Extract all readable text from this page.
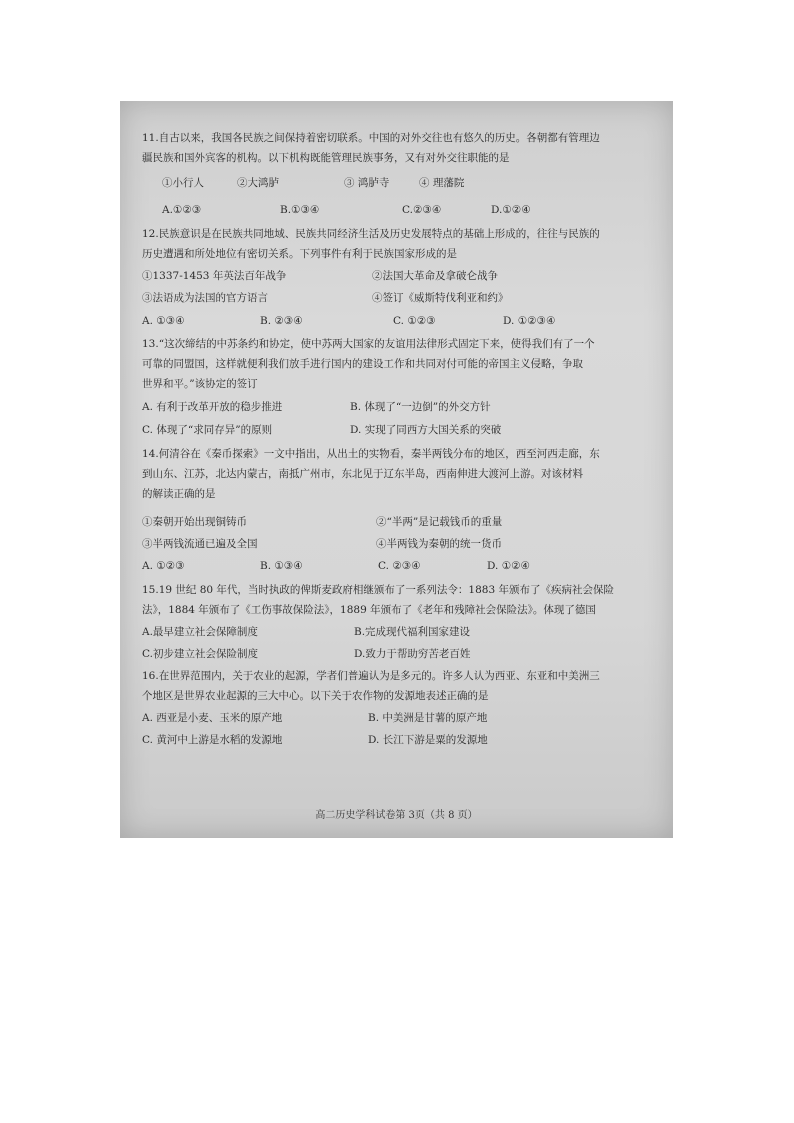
11.自古以来，我国各民族之间保持着密切联系。中国的对外交往也有悠久的历史。各朝都有管理边

疆民族和国外宾客的机构。以下机构既能管理民族事务，又有对外交往职能的是

①小行人	②大鸿胪	③ 鸿胪寺	④ 理藩院
A.①②③	B.①③④	C.②③④	D.①②④

12.民族意识是在民族共同地域、民族共同经济生活及历史发展特点的基础上形成的，往往与民族的

历史遭遇和所处地位有密切关系。下列事件有利于民族国家形成的是

①1337-1453 年英法百年战争	②法国大革命及拿破仑战争
③法语成为法国的官方语言	④签订《威斯特伐利亚和约》
A. ①③④	B. ②③④	C. ①②③	D. ①②③④

13.“这次缔结的中苏条约和协定，使中苏两大国家的友谊用法律形式固定下来，使得我们有了一个

可靠的同盟国，这样就便利我们放手进行国内的建设工作和共同对付可能的帝国主义侵略，争取

世界和平。”该协定的签订

A. 有利于改革开放的稳步推进	B. 体现了“一边倒”的外交方针
C. 体现了“求同存异”的原则	D. 实现了同西方大国关系的突破

14.何清谷在《秦币探索》一文中指出，从出土的实物看，秦半两钱分布的地区，西至河西走廊，东

到山东、江苏，北达内蒙古，南抵广州市，东北见于辽东半岛，西南伸进大渡河上游。对该材料

的解读正确的是

①秦朝开始出现铜铸币	②“半两”是记载钱币的重量
③半两钱流通已遍及全国	④半两钱为秦朝的统一货币
A. ①②③	B. ①③④	C. ②③④	D. ①②④

15.19 世纪 80 年代，当时执政的俾斯麦政府相继颁布了一系列法令：1883 年颁布了《疾病社会保险

法》，1884 年颁布了《工伤事故保险法》，1889 年颁布了《老年和残障社会保险法》。体现了德国

A.最早建立社会保障制度	B.完成现代福利国家建设
C.初步建立社会保险制度	D.致力于帮助穷苦老百姓

16.在世界范围内，关于农业的起源，学者们普遍认为是多元的。许多人认为西亚、东亚和中美洲三

个地区是世界农业起源的三大中心。以下关于农作物的发源地表述正确的是

A. 西亚是小麦、玉米的原产地	B. 中美洲是甘薯的原产地
C. 黄河中上游是水稻的发源地	D. 长江下游是粟的发源地
高二历史学科试卷第 3页（共 8 页）
